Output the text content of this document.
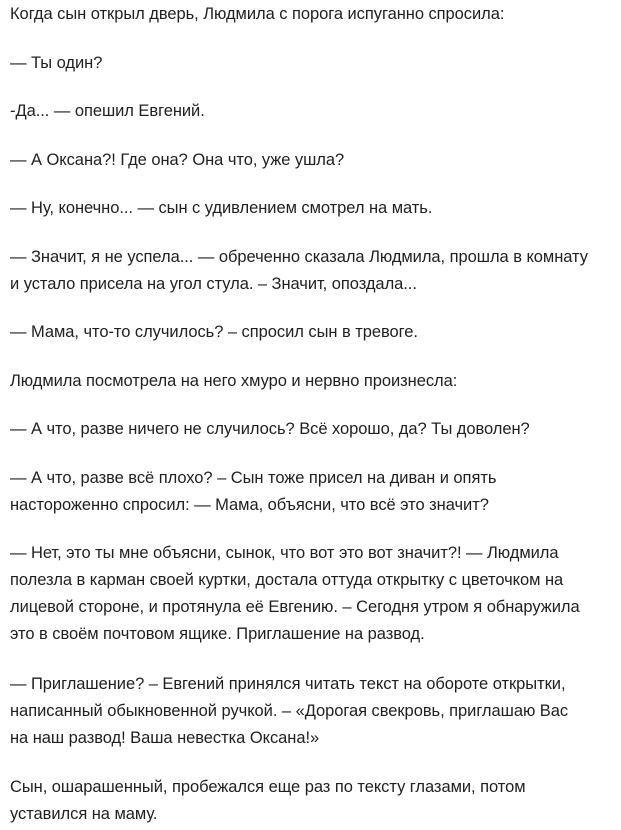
Когда сын открыл дверь, Людмила с порога испуганно спросила:

— Ты один?

-Да... — опешил Евгений.

— А Оксана?! Где она? Она что, уже ушла?

— Ну, конечно... — сын с удивлением смотрел на мать.

— Значит, я не успела... — обреченно сказала Людмила, прошла в комнату
и устало присела на угол стула. – Значит, опоздала...

— Мама, что-то случилось? – спросил сын в тревоге.

Людмила посмотрела на него хмуро и нервно произнесла:

— А что, разве ничего не случилось? Всё хорошо, да? Ты доволен?

— А что, разве всё плохо? – Сын тоже присел на диван и опять
настороженно спросил: — Мама, объясни, что всё это значит?

— Нет, это ты мне объясни, сынок, что вот это вот значит?! — Людмила
полезла в карман своей куртки, достала оттуда открытку с цветочком на
лицевой стороне, и протянула её Евгению. – Сегодня утром я обнаружила
это в своём почтовом ящике. Приглашение на развод.

— Приглашение? – Евгений принялся читать текст на обороте открытки,
написанный обыкновенной ручкой. – «Дорогая свекровь, приглашаю Вас
на наш развод! Ваша невестка Оксана!»

Сын, ошарашенный, пробежался еще раз по тексту глазами, потом
уставился на маму.
